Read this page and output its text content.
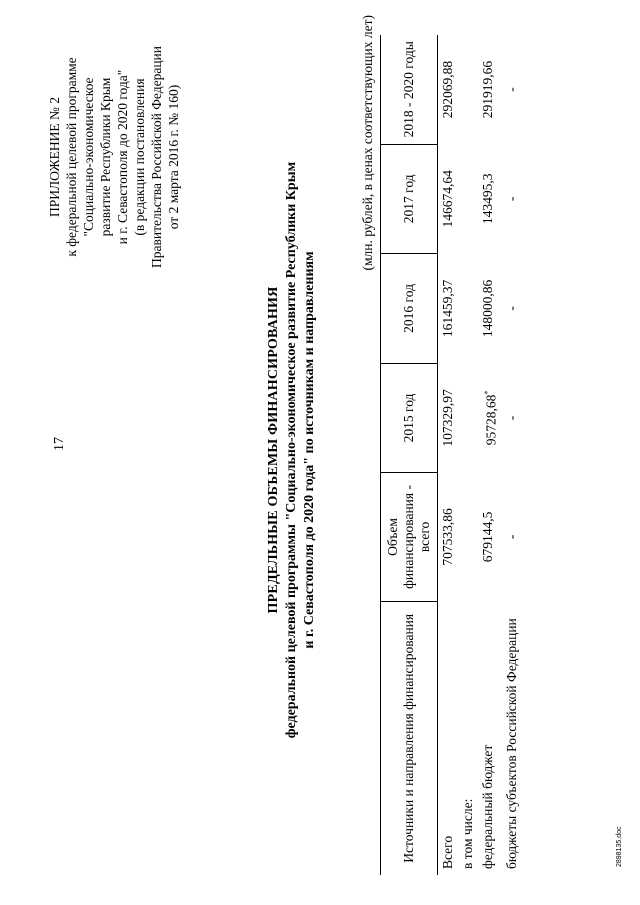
17
ПРИЛОЖЕНИЕ № 2 к федеральной целевой программе "Социально-экономическое развитие Республики Крым и г. Севастополя до 2020 года" (в редакции постановления Правительства Российской Федерации от 2 марта 2016 г. № 160)
ПРЕДЕЛЬНЫЕ ОБЪЕМЫ ФИНАНСИРОВАНИЯ федеральной целевой программы "Социально-экономическое развитие Республики Крым и г. Севастополя до 2020 года" по источникам и направлениям
(млн. рублей, в ценах соответствующих лет)
Источники и направления финансирования	Объем финансирования - всего	2015 год	2016 год	2017 год	2018 - 2020 годы
Всего	707533,86	107329,97	161459,37	146674,64	292069,88
в том числе:					
федеральный бюджет	679144,5	95728,68*	148000,86	143495,3	291919,66
бюджеты субъектов Российской Федерации	-	-	-	-	-
2898135.doc
